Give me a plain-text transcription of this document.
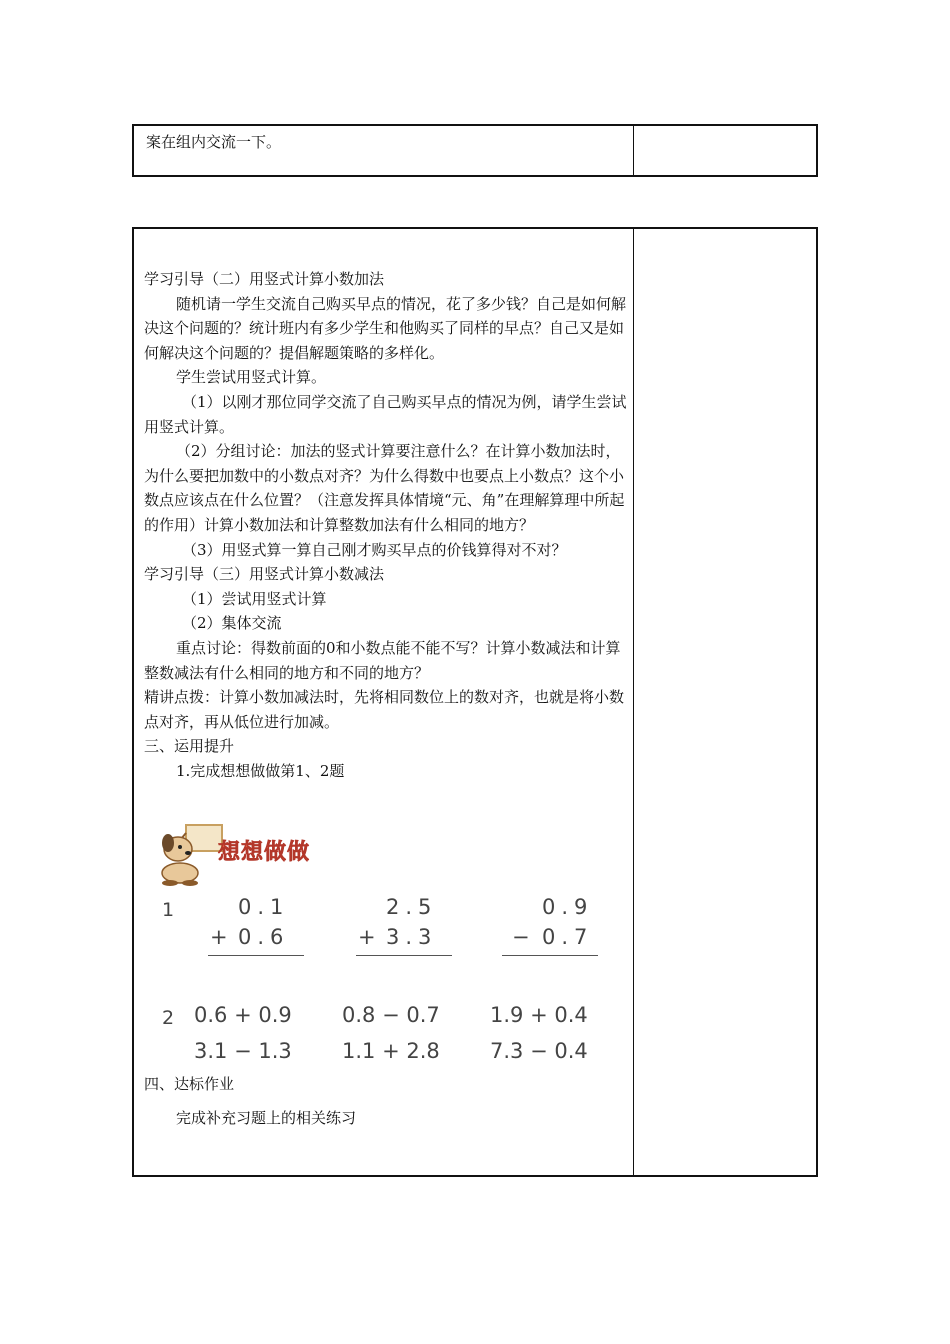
案在组内交流一下。

学习引导（二）用竖式计算小数加法

随机请一学生交流自己购买早点的情况，花了多少钱？自己是如何解决这个问题的？统计班内有多少学生和他购买了同样的早点？自己又是如何解决这个问题的？提倡解题策略的多样化。

学生尝试用竖式计算。

（1）以刚才那位同学交流了自己购买早点的情况为例，请学生尝试用竖式计算。

（2）分组讨论：加法的竖式计算要注意什么？在计算小数加法时，为什么要把加数中的小数点对齐？为什么得数中也要点上小数点？这个小数点应该点在什么位置？（注意发挥具体情境“元、角”在理解算理中所起的作用）计算小数加法和计算整数加法有什么相同的地方？

（3）用竖式算一算自己刚才购买早点的价钱算得对不对？

学习引导（三）用竖式计算小数减法

（1）尝试用竖式计算

（2）集体交流

重点讨论：得数前面的0和小数点能不能不写？计算小数减法和计算整数减法有什么相同的地方和不同的地方？

精讲点拨：计算小数加减法时，先将相同数位上的数对齐，也就是将小数点对齐，再从低位进行加减。

三、运用提升

1.完成想想做做第1、2题

想想做做
1	0.1
+ 0.6
2.5
+ 3.3
0.9
− 0.7
2 0.6 + 0.9 0.8 − 0.7 1.9 + 0.4
3.1 − 1.3 1.1 + 2.8 7.3 − 0.4

四、达标作业

完成补充习题上的相关练习
